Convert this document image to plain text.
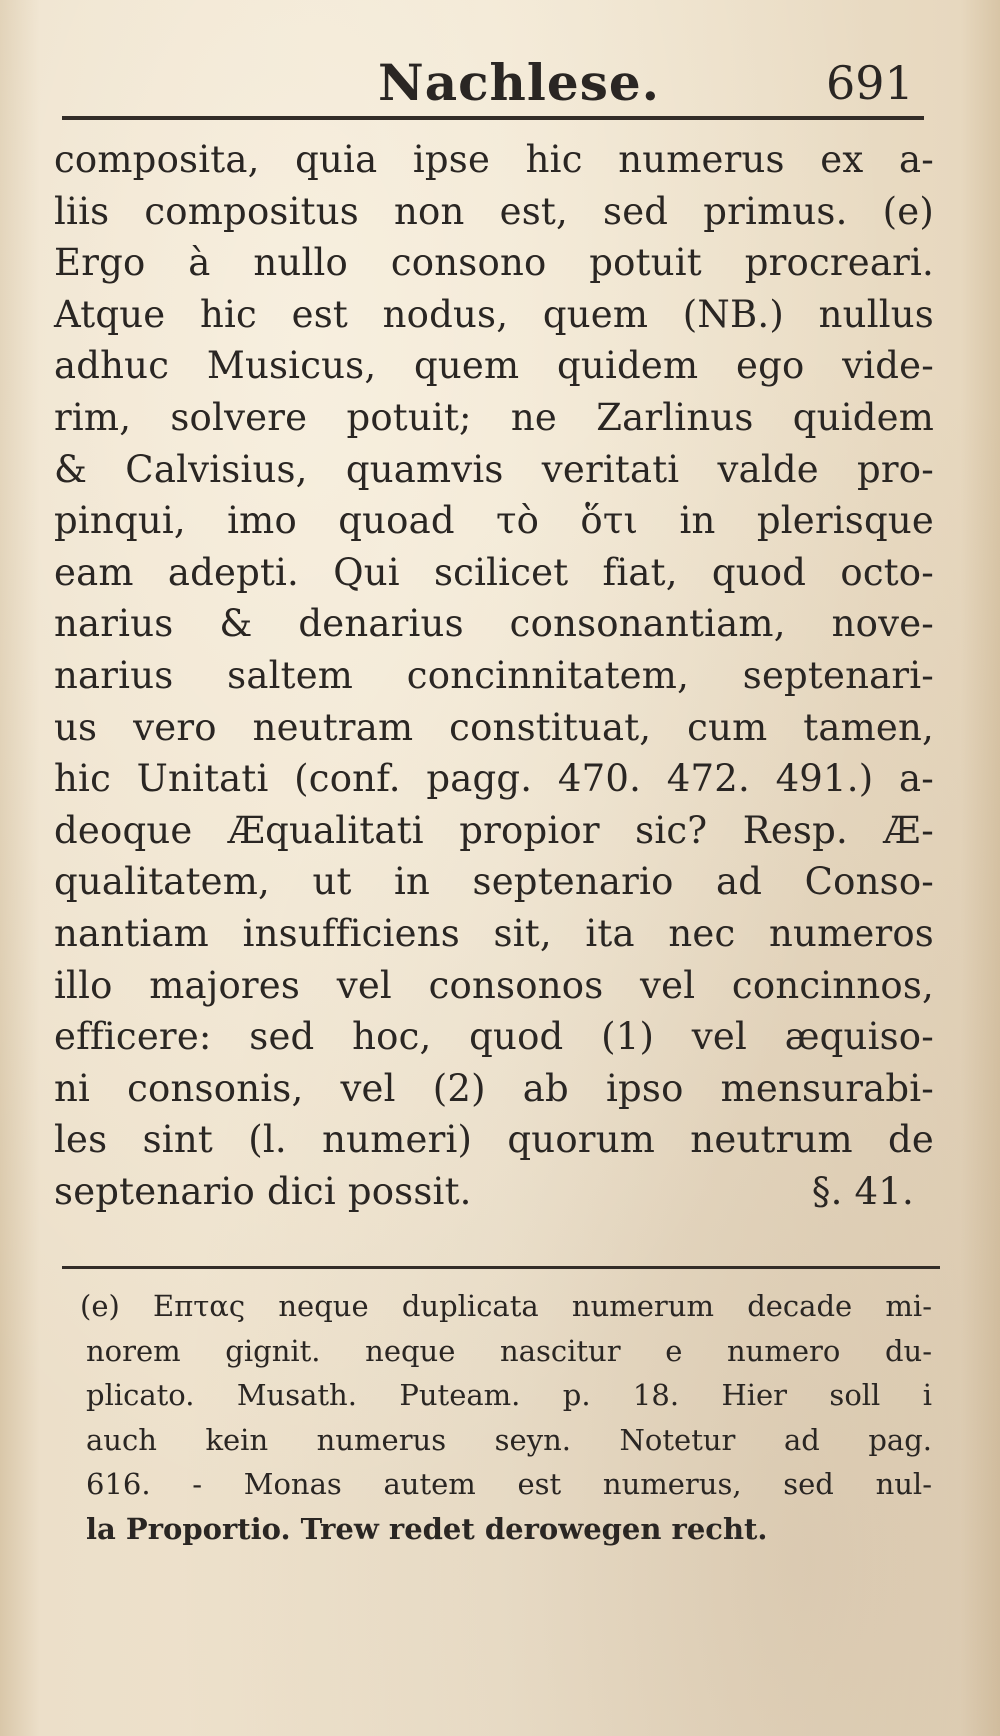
Nachlese.	691
composita, quia ipse hic numerus ex a-
liis compositus non est, sed primus. (e)
Ergo à nullo consono potuit procreari.
Atque hic est nodus, quem (NB.) nullus
adhuc Musicus, quem quidem ego vide-
rim, solvere potuit; ne Zarlinus quidem
& Calvisius, quamvis veritati valde pro-
pinqui, imo quoad τὸ ὅτι in plerisque
eam adepti. Qui scilicet fiat, quod octo-
narius & denarius consonantiam, nove-
narius saltem concinnitatem, septenari-
us vero neutram constituat, cum tamen,
hic Unitati (conf. pagg. 470. 472. 491.) a-
deoque Æqualitati propior sic? Resp. Æ-
qualitatem, ut in septenario ad Conso-
nantiam insufficiens sit, ita nec numeros
illo majores vel consonos vel concinnos,
efficere: sed hoc, quod (1) vel æquiso-
ni consonis, vel (2) ab ipso mensurabi-
les sint (l. numeri) quorum neutrum de
septenario dici possit.	§. 41.
(e) Επτας neque duplicata numerum decade mi-
norem gignit. neque nascitur e numero du-
plicato. Musath. Puteam. p. 18. Hier soll i
auch kein numerus seyn. Notetur ad pag.
616. - Monas autem est numerus, sed nul-
la Proportio. Trew redet derowegen recht.
